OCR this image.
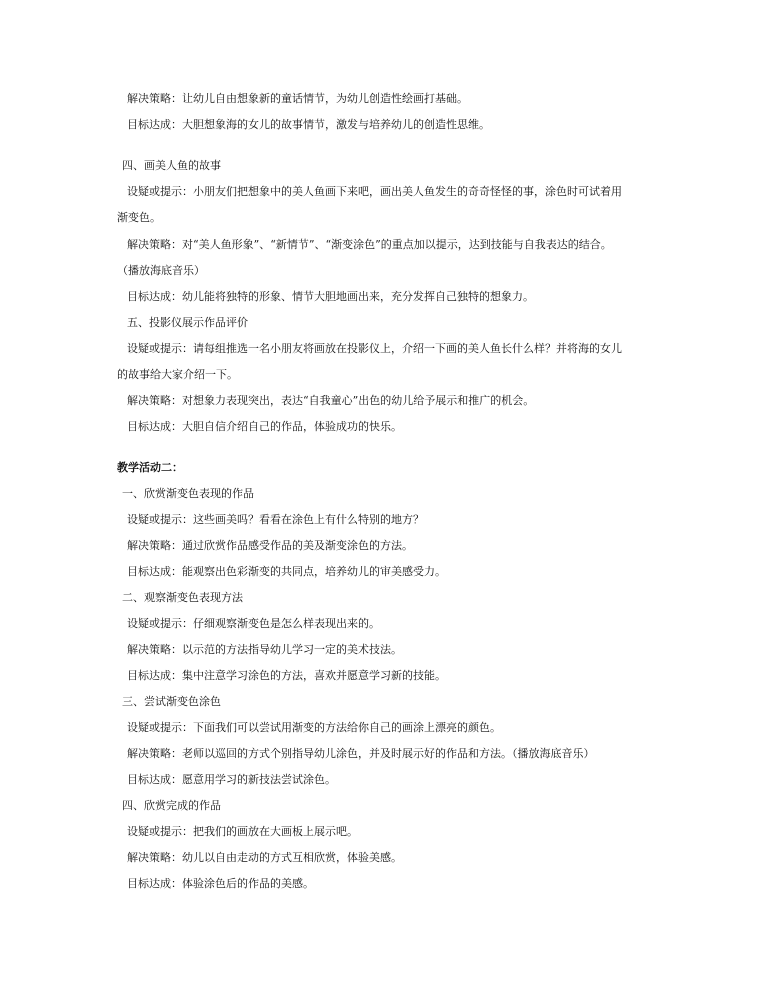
解决策略：让幼儿自由想象新的童话情节，为幼儿创造性绘画打基础。
目标达成：大胆想象海的女儿的故事情节，激发与培养幼儿的创造性思维。
四、画美人鱼的故事
设疑或提示：小朋友们把想象中的美人鱼画下来吧，画出美人鱼发生的奇奇怪怪的事，涂色时可试着用
渐变色。
解决策略：对“美人鱼形象”、“新情节”、“渐变涂色”的重点加以提示，达到技能与自我表达的结合。
（播放海底音乐）
目标达成：幼儿能将独特的形象、情节大胆地画出来，充分发挥自己独特的想象力。
五、投影仪展示作品评价
设疑或提示：请每组推选一名小朋友将画放在投影仪上，介绍一下画的美人鱼长什么样？并将海的女儿
的故事给大家介绍一下。
解决策略：对想象力表现突出，表达“自我童心”出色的幼儿给予展示和推广的机会。
目标达成：大胆自信介绍自己的作品，体验成功的快乐。
教学活动二：
一、欣赏渐变色表现的作品
设疑或提示：这些画美吗？看看在涂色上有什么特别的地方？
解决策略：通过欣赏作品感受作品的美及渐变涂色的方法。
目标达成：能观察出色彩渐变的共同点，培养幼儿的审美感受力。
二、观察渐变色表现方法
设疑或提示：仔细观察渐变色是怎么样表现出来的。
解决策略：以示范的方法指导幼儿学习一定的美术技法。
目标达成：集中注意学习涂色的方法，喜欢并愿意学习新的技能。
三、尝试渐变色涂色
设疑或提示：下面我们可以尝试用渐变的方法给你自己的画涂上漂亮的颜色。
解决策略：老师以巡回的方式个别指导幼儿涂色，并及时展示好的作品和方法。（播放海底音乐）
目标达成：愿意用学习的新技法尝试涂色。
四、欣赏完成的作品
设疑或提示：把我们的画放在大画板上展示吧。
解决策略：幼儿以自由走动的方式互相欣赏，体验美感。
目标达成：体验涂色后的作品的美感。
